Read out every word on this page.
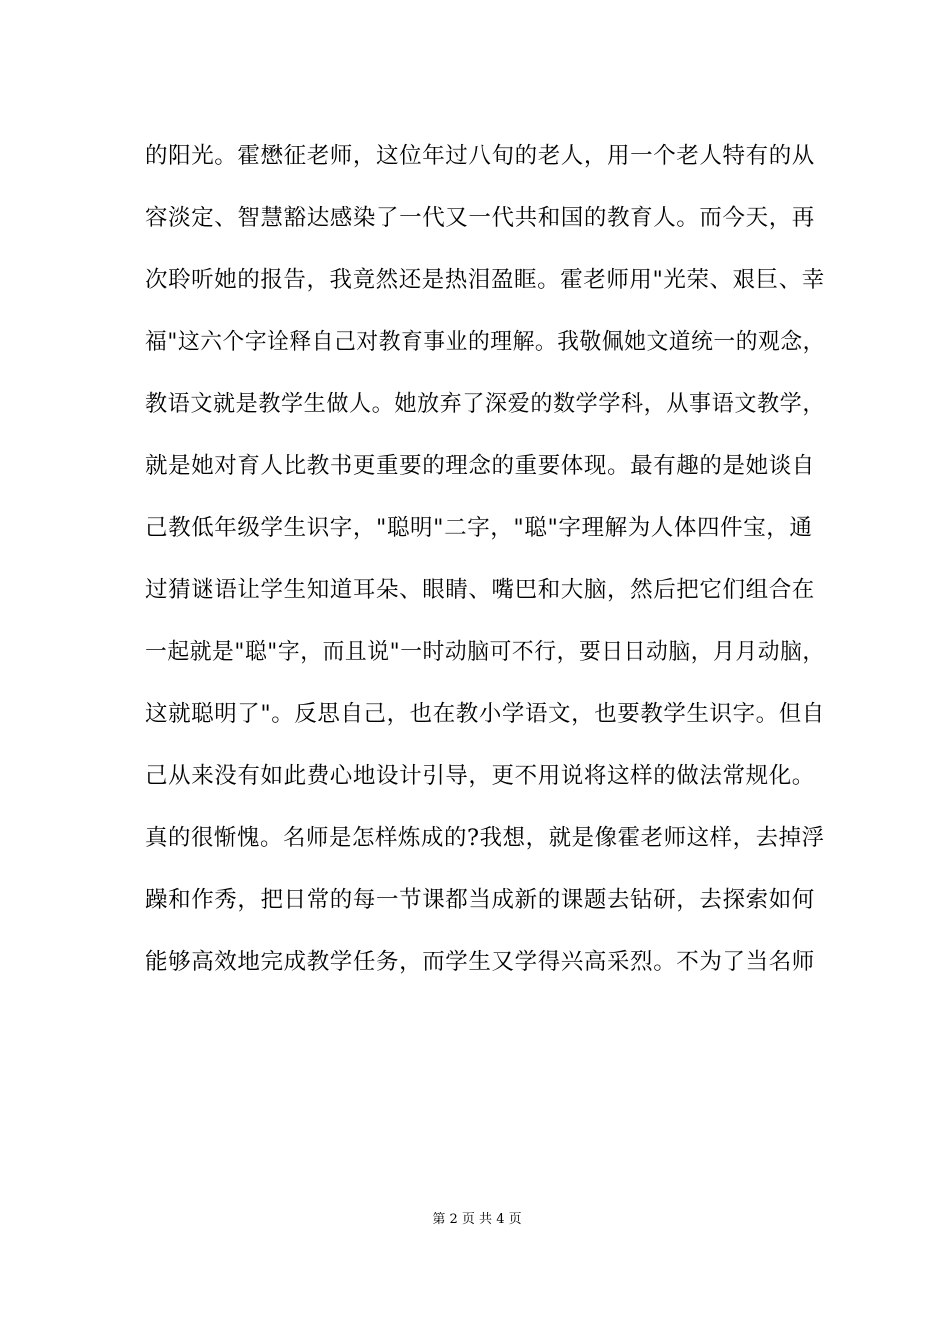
的阳光。霍懋征老师，这位年过八旬的老人，用一个老人特有的从
容淡定、智慧豁达感染了一代又一代共和国的教育人。而今天，再
次聆听她的报告，我竟然还是热泪盈眶。霍老师用"光荣、艰巨、幸
福"这六个字诠释自己对教育事业的理解。我敬佩她文道统一的观念，
教语文就是教学生做人。她放弃了深爱的数学学科，从事语文教学，
就是她对育人比教书更重要的理念的重要体现。最有趣的是她谈自
己教低年级学生识字，"聪明"二字，"聪"字理解为人体四件宝，通
过猜谜语让学生知道耳朵、眼睛、嘴巴和大脑，然后把它们组合在
一起就是"聪"字，而且说"一时动脑可不行，要日日动脑，月月动脑，
这就聪明了"。反思自己，也在教小学语文，也要教学生识字。但自
己从来没有如此费心地设计引导，更不用说将这样的做法常规化。
真的很惭愧。名师是怎样炼成的?我想，就是像霍老师这样，去掉浮
躁和作秀，把日常的每一节课都当成新的课题去钻研，去探索如何
能够高效地完成教学任务，而学生又学得兴高采烈。不为了当名师
第 2 页 共 4 页
